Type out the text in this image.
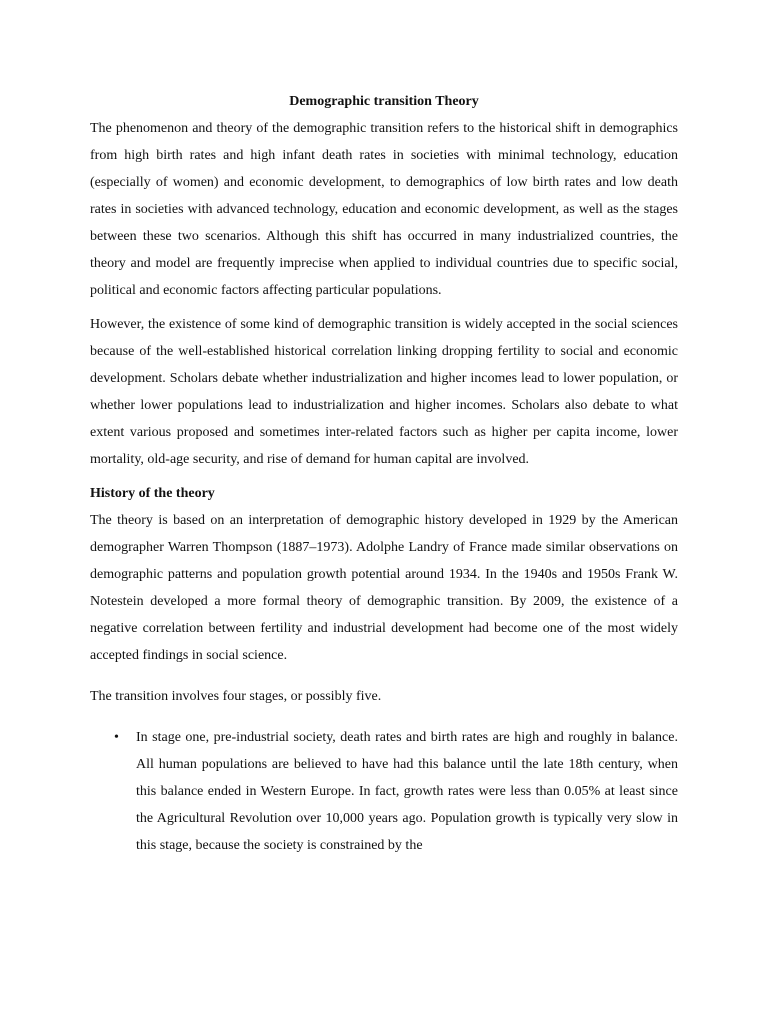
Demographic transition Theory

The phenomenon and theory of the demographic transition refers to the historical shift in demographics from high birth rates and high infant death rates in societies with minimal technology, education (especially of women) and economic development, to demographics of low birth rates and low death rates in societies with advanced technology, education and economic development, as well as the stages between these two scenarios. Although this shift has occurred in many industrialized countries, the theory and model are frequently imprecise when applied to individual countries due to specific social, political and economic factors affecting particular populations.

However, the existence of some kind of demographic transition is widely accepted in the social sciences because of the well-established historical correlation linking dropping fertility to social and economic development. Scholars debate whether industrialization and higher incomes lead to lower population, or whether lower populations lead to industrialization and higher incomes. Scholars also debate to what extent various proposed and sometimes inter-related factors such as higher per capita income, lower mortality, old-age security, and rise of demand for human capital are involved.

History of the theory

The theory is based on an interpretation of demographic history developed in 1929 by the American demographer Warren Thompson (1887–1973). Adolphe Landry of France made similar observations on demographic patterns and population growth potential around 1934. In the 1940s and 1950s Frank W. Notestein developed a more formal theory of demographic transition. By 2009, the existence of a negative correlation between fertility and industrial development had become one of the most widely accepted findings in social science.

The transition involves four stages, or possibly five.

• In stage one, pre-industrial society, death rates and birth rates are high and roughly in balance. All human populations are believed to have had this balance until the late 18th century, when this balance ended in Western Europe. In fact, growth rates were less than 0.05% at least since the Agricultural Revolution over 10,000 years ago. Population growth is typically very slow in this stage, because the society is constrained by the
